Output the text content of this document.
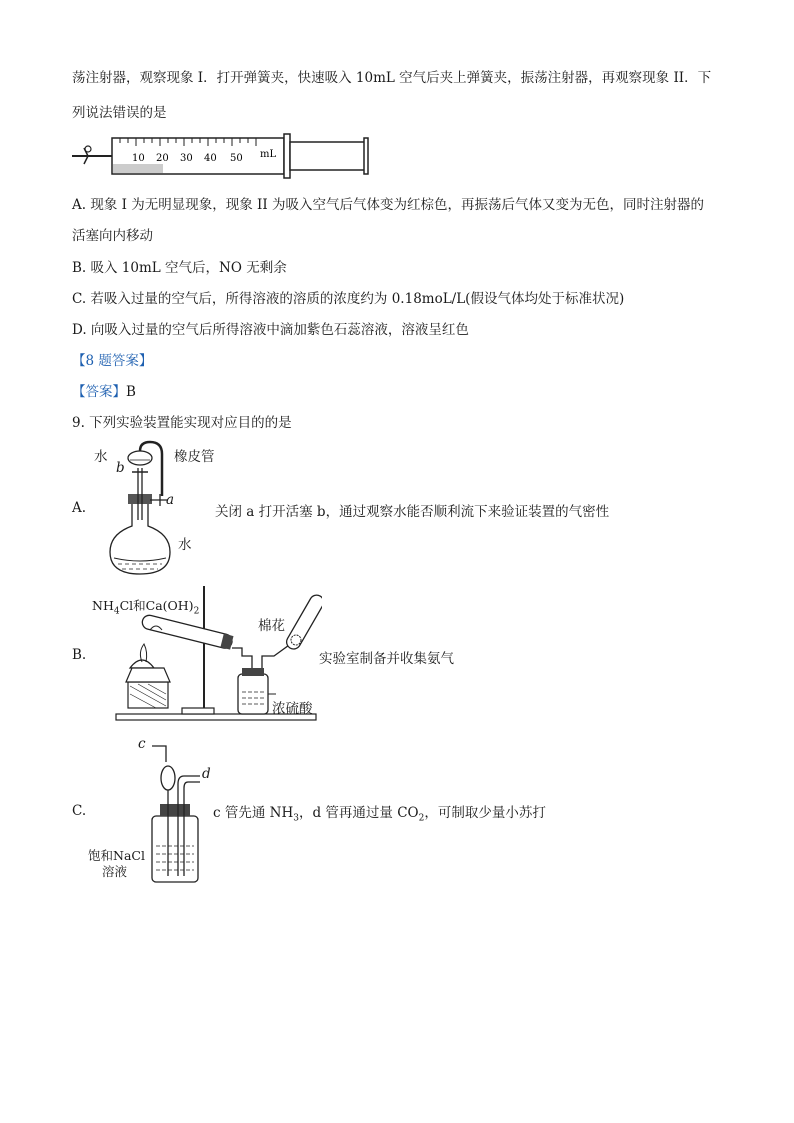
荡注射器，观察现象 I．打开弹簧夹，快速吸入 10mL 空气后夹上弹簧夹，振荡注射器，再观察现象 II．下
列说法错误的是
10 20 30 40 50 mL
A. 现象 I 为无明显现象，现象 II 为吸入空气后气体变为红棕色，再振荡后气体又变为无色，同时注射器的
活塞向内移动
B. 吸入 10mL 空气后，NO 无剩余
C. 若吸入过量的空气后，所得溶液的溶质的浓度约为 0.18moL/L(假设气体均处于标准状况)
D. 向吸入过量的空气后所得溶液中滴加紫色石蕊溶液，溶液呈红色
【8 题答案】
【答案】B
9. 下列实验装置能实现对应目的的是
A.
水
b
橡皮管
a
水
关闭 a 打开活塞 b，通过观察水能否顺利流下来验证装置的气密性
B.
$NH_4Cl$和$Ca(OH)_2$
棉花
浓硫酸
实验室制备并收集氨气
C.
c
d
饱和NaCl
溶液
c 管先通 $NH_3$，d 管再通过量 $CO_2$，可制取少量小苏打
